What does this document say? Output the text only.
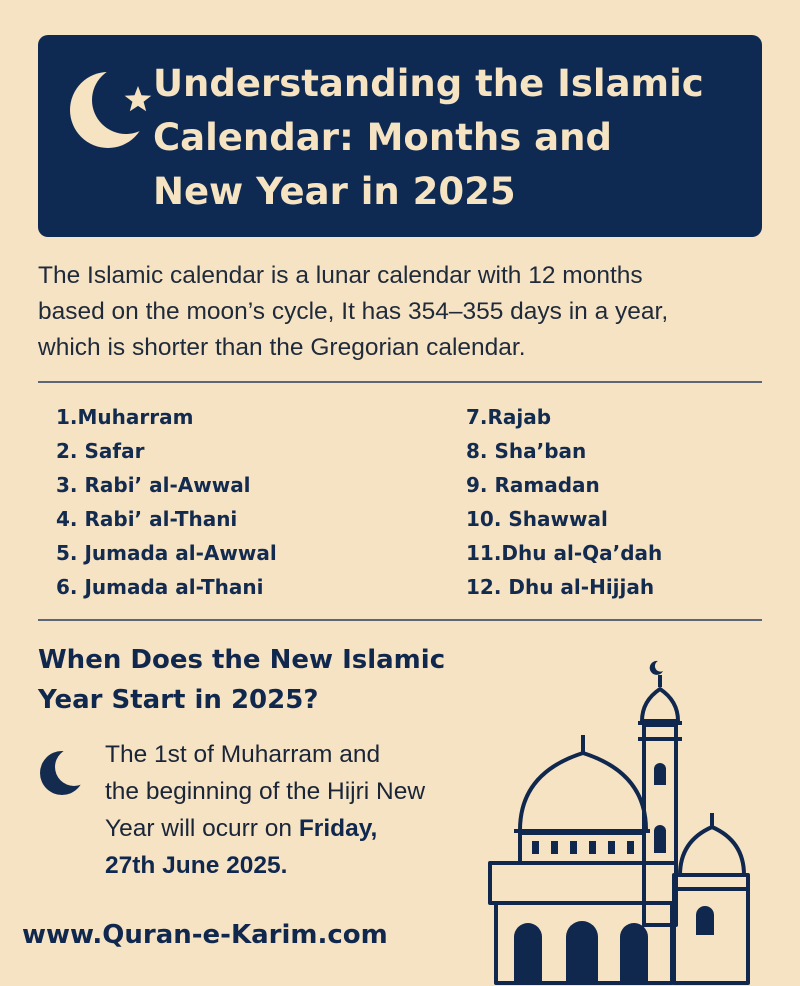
Understanding the Islamic
Calendar: Months and
New Year in 2025

The Islamic calendar is a lunar calendar with 12 months
based on the moon’s cycle, It has 354–355 days in a year,
which is shorter than the Gregorian calendar.

1.Muharram
2. Safar
3. Rabi’ al-Awwal
4. Rabi’ al-Thani
5. Jumada al-Awwal
6. Jumada al-Thani
7.Rajab
8. Sha’ban
9. Ramadan
10. Shawwal
11.Dhu al-Qa’dah
12. Dhu al-Hijjah
When Does the New Islamic
Year Start in 2025?

The 1st of Muharram and
the beginning of the Hijri New
Year will ocurr on Friday,
27th June 2025.

www.Quran-e-Karim.com
